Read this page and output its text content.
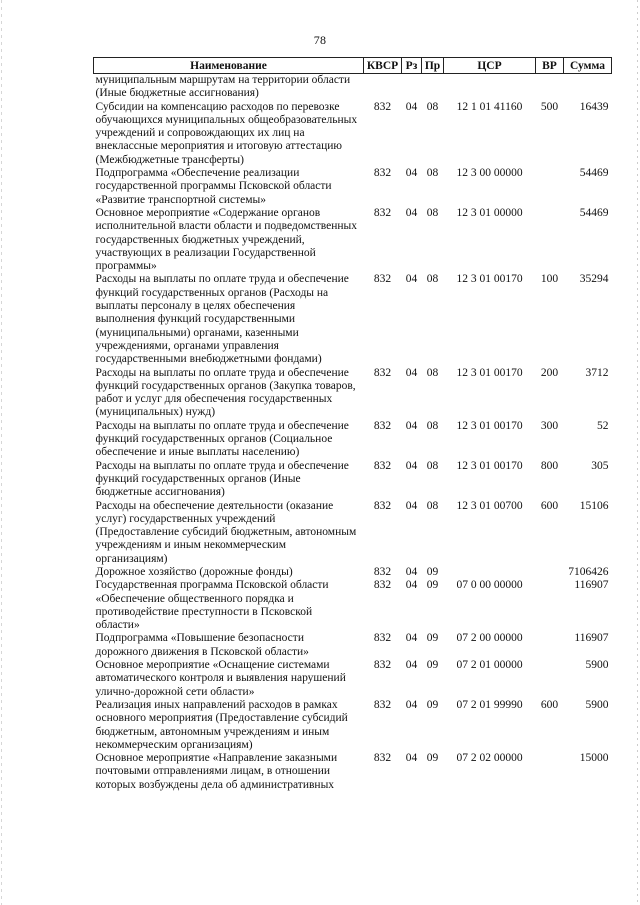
78
Наименование	КВСР	Рз	Пр	ЦСР	ВР	Сумма
муниципальным маршрутам на территории области (Иные бюджетные ассигнования)						
Субсидии на компенсацию расходов по перевозке обучающихся муниципальных общеобразовательных учреждений и сопровождающих их лиц на внеклассные мероприятия и итоговую аттестацию (Межбюджетные трансферты)	832	04	08	12 1 01 41160	500	16439
Подпрограмма «Обеспечение реализации государственной программы Псковской области «Развитие транспортной системы»	832	04	08	12 3 00 00000		54469
Основное мероприятие «Содержание органов исполнительной власти области и подведомственных государственных бюджетных учреждений, участвующих в реализации Государственной программы»	832	04	08	12 3 01 00000		54469
Расходы на выплаты по оплате труда и обеспечение функций государственных органов (Расходы на выплаты персоналу в целях обеспечения выполнения функций государственными (муниципальными) органами, казенными учреждениями, органами управления государственными внебюджетными фондами)	832	04	08	12 3 01 00170	100	35294
Расходы на выплаты по оплате труда и обеспечение функций государственных органов (Закупка товаров, работ и услуг для обеспечения государственных (муниципальных) нужд)	832	04	08	12 3 01 00170	200	3712
Расходы на выплаты по оплате труда и обеспечение функций государственных органов (Социальное обеспечение и иные выплаты населению)	832	04	08	12 3 01 00170	300	52
Расходы на выплаты по оплате труда и обеспечение функций государственных органов (Иные бюджетные ассигнования)	832	04	08	12 3 01 00170	800	305
Расходы на обеспечение деятельности (оказание услуг) государственных учреждений (Предоставление субсидий бюджетным, автономным учреждениям и иным некоммерческим организациям)	832	04	08	12 3 01 00700	600	15106
Дорожное хозяйство (дорожные фонды)	832	04	09			7106426
Государственная программа Псковской области «Обеспечение общественного порядка и противодействие преступности в Псковской области»	832	04	09	07 0 00 00000		116907
Подпрограмма «Повышение безопасности дорожного движения в Псковской области»	832	04	09	07 2 00 00000		116907
Основное мероприятие «Оснащение системами автоматического контроля и выявления нарушений улично-дорожной сети области»	832	04	09	07 2 01 00000		5900
Реализация иных направлений расходов в рамках основного мероприятия (Предоставление субсидий бюджетным, автономным учреждениям и иным некоммерческим организациям)	832	04	09	07 2 01 99990	600	5900
Основное мероприятие «Направление заказными почтовыми отправлениями лицам, в отношении которых возбуждены дела об административных	832	04	09	07 2 02 00000		15000
